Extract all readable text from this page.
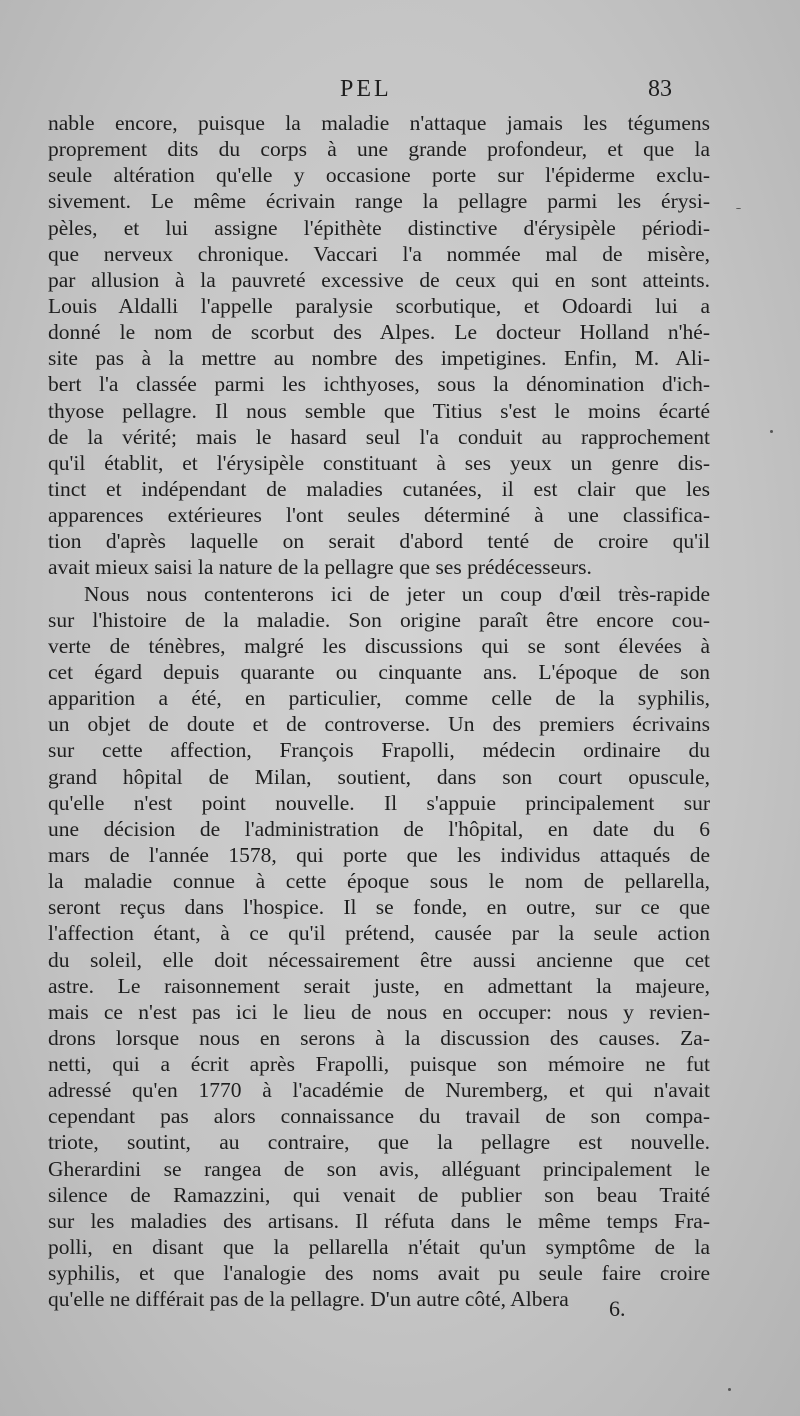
PEL	83
nable encore, puisque la maladie n'attaque jamais les tégumens
proprement dits du corps à une grande profondeur, et que la
seule altération qu'elle y occasione porte sur l'épiderme exclu-
sivement. Le même écrivain range la pellagre parmi les érysi-
pèles, et lui assigne l'épithète distinctive d'érysipèle périodi-
que nerveux chronique. Vaccari l'a nommée mal de misère,
par allusion à la pauvreté excessive de ceux qui en sont atteints.
Louis Aldalli l'appelle paralysie scorbutique, et Odoardi lui a
donné le nom de scorbut des Alpes. Le docteur Holland n'hé-
site pas à la mettre au nombre des impetigines. Enfin, M. Ali-
bert l'a classée parmi les ichthyoses, sous la dénomination d'ich-
thyose pellagre. Il nous semble que Titius s'est le moins écarté
de la vérité; mais le hasard seul l'a conduit au rapprochement
qu'il établit, et l'érysipèle constituant à ses yeux un genre dis-
tinct et indépendant de maladies cutanées, il est clair que les
apparences extérieures l'ont seules déterminé à une classifica-
tion d'après laquelle on serait d'abord tenté de croire qu'il
avait mieux saisi la nature de la pellagre que ses prédécesseurs.
Nous nous contenterons ici de jeter un coup d'œil très-rapide
sur l'histoire de la maladie. Son origine paraît être encore cou-
verte de ténèbres, malgré les discussions qui se sont élevées à
cet égard depuis quarante ou cinquante ans. L'époque de son
apparition a été, en particulier, comme celle de la syphilis,
un objet de doute et de controverse. Un des premiers écrivains
sur cette affection, François Frapolli, médecin ordinaire du
grand hôpital de Milan, soutient, dans son court opuscule,
qu'elle n'est point nouvelle. Il s'appuie principalement sur
une décision de l'administration de l'hôpital, en date du 6
mars de l'année 1578, qui porte que les individus attaqués de
la maladie connue à cette époque sous le nom de pellarella,
seront reçus dans l'hospice. Il se fonde, en outre, sur ce que
l'affection étant, à ce qu'il prétend, causée par la seule action
du soleil, elle doit nécessairement être aussi ancienne que cet
astre. Le raisonnement serait juste, en admettant la majeure,
mais ce n'est pas ici le lieu de nous en occuper: nous y revien-
drons lorsque nous en serons à la discussion des causes. Za-
netti, qui a écrit après Frapolli, puisque son mémoire ne fut
adressé qu'en 1770 à l'académie de Nuremberg, et qui n'avait
cependant pas alors connaissance du travail de son compa-
triote, soutint, au contraire, que la pellagre est nouvelle.
Gherardini se rangea de son avis, alléguant principalement le
silence de Ramazzini, qui venait de publier son beau Traité
sur les maladies des artisans. Il réfuta dans le même temps Fra-
polli, en disant que la pellarella n'était qu'un symptôme de la
syphilis, et que l'analogie des noms avait pu seule faire croire
qu'elle ne différait pas de la pellagre. D'un autre côté, Albera	6.
